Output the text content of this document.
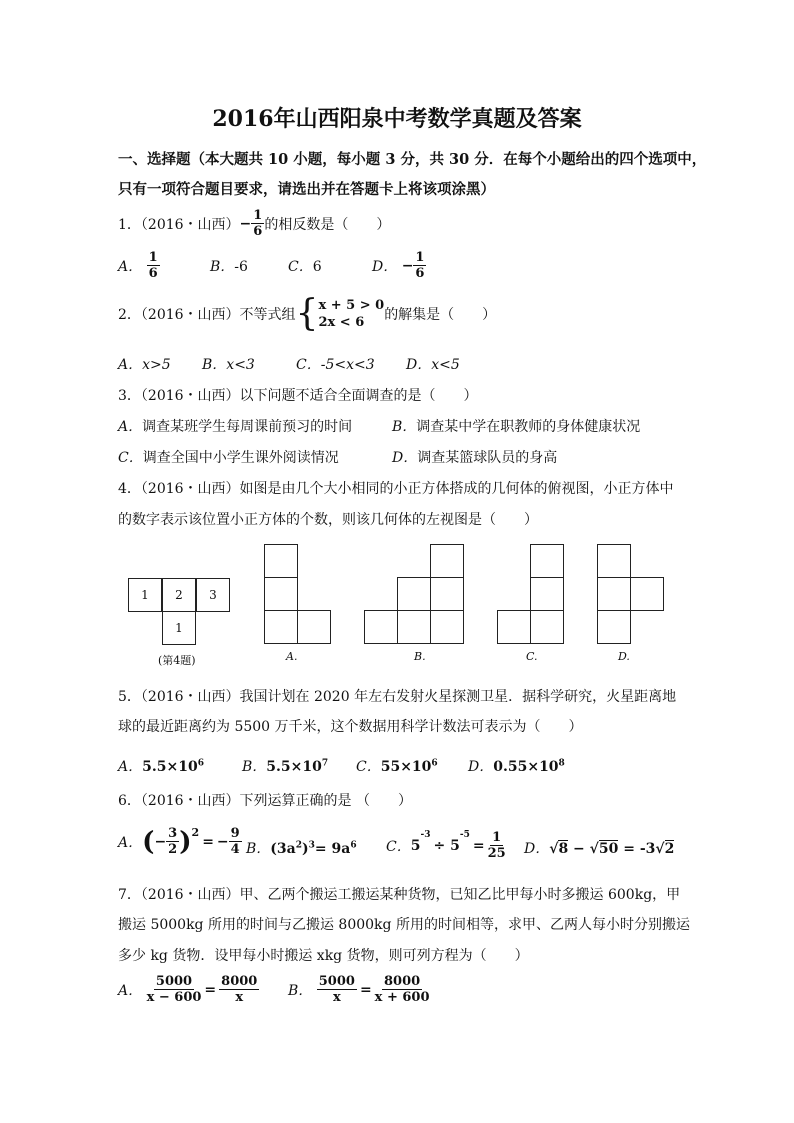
2016年山西阳泉中考数学真题及答案
一、选择题（本大题共 10 小题，每小题 3 分，共 30 分．在每个小题给出的四个选项中，
只有一项符合题目要求，请选出并在答题卡上将该项涂黑）
1．（2016・山西） − $\frac{1}{6}$ 的相反数是（　　）
A．
$\frac{1}{6}$	B．-6	C．6	D．
− $\frac{1}{6}$
2．（2016・山西）不等式组 { x + 5 > 0
2x < 6	的解集是（　　）
A．x>5 B．x<3	C．-5<x<3 D．x<5
3．（2016・山西）以下问题不适合全面调查的是（　　）
A．调查某班学生每周课前预习的时间	B．调查某中学在职教师的身体健康状况
C．调查全国中小学生课外阅读情况	D．调查某篮球队员的身高
4．（2016・山西）如图是由几个大小相同的小正方体搭成的几何体的俯视图，小正方体中
的数字表示该位置小正方体的个数，则该几何体的左视图是（　　）
1	2	3
1
(第4题)	A.	B.	C.	D.
5．（2016・山西）我国计划在 2020 年左右发射火星探测卫星．据科学研究，火星距离地
球的最近距离约为 5500 万千米，这个数据用科学计数法可表示为（　　）
A．$5.5\times 10^6$	B．$5.5\times 10^7$ C．$55\times 10^6$ D．$0.55\times 10^8$
6．（2016・山西）下列运算正确的是 （　　）
A． ( − $\frac{3}{2} )^2$
= − $\frac{9}{4}$ B．$(3a^2)^3= 9a^6$ C． 5
$^{-3}$
÷ 5
$^{-5}$
= $\frac{1}{25}$ D．√8 − √50 = -3√2
7．（2016・山西）甲、乙两个搬运工搬运某种货物，已知乙比甲每小时多搬运 600kg，甲
搬运 5000kg 所用的时间与乙搬运 8000kg 所用的时间相等，求甲、乙两人每小时分别搬运
多少 kg 货物．设甲每小时搬运 xkg 货物，则可列方程为（　　）
A．
$\frac{5000}{x - 600} = \frac{8000}{x}$ B．
$\frac{5000}{x} = \frac{8000}{x + 600}$
